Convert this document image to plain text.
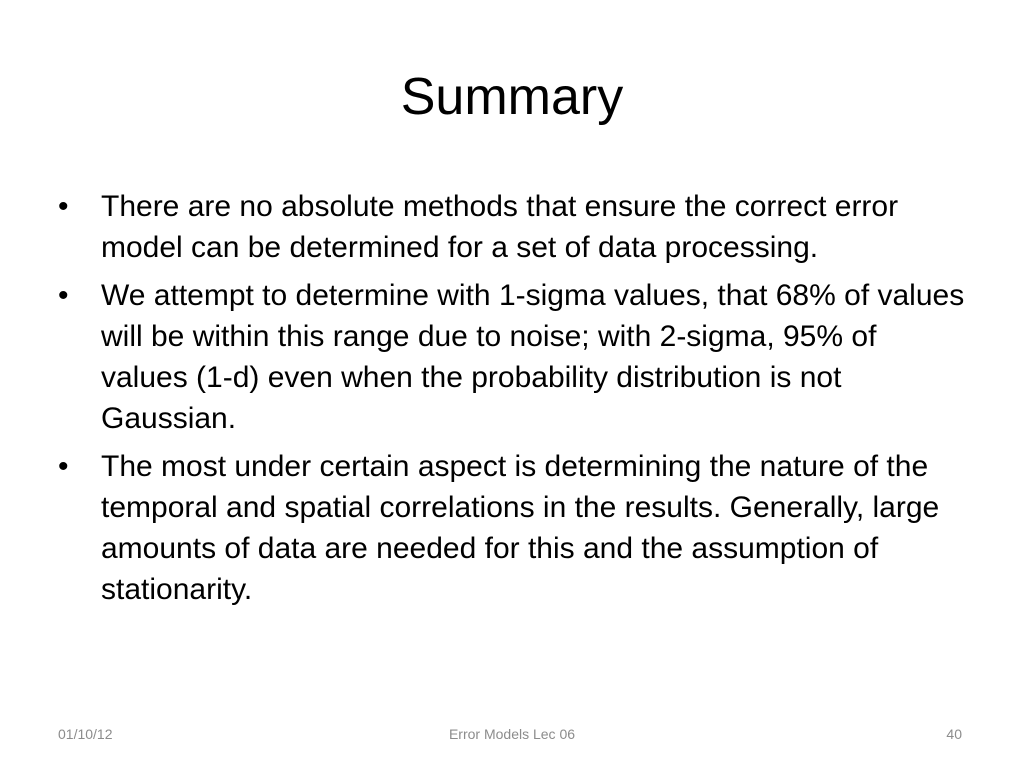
Summary
• There are no absolute methods that ensure the correct error model can be determined for a set of data processing.
• We attempt to determine with 1-sigma values, that 68% of values will be within this range due to noise; with 2-sigma, 95% of values (1-d) even when the probability distribution is not Gaussian.
• The most under certain aspect is determining the nature of the temporal and spatial correlations in the results. Generally, large amounts of data are needed for this and the assumption of stationarity.
01/10/12	Error Models Lec 06	40
